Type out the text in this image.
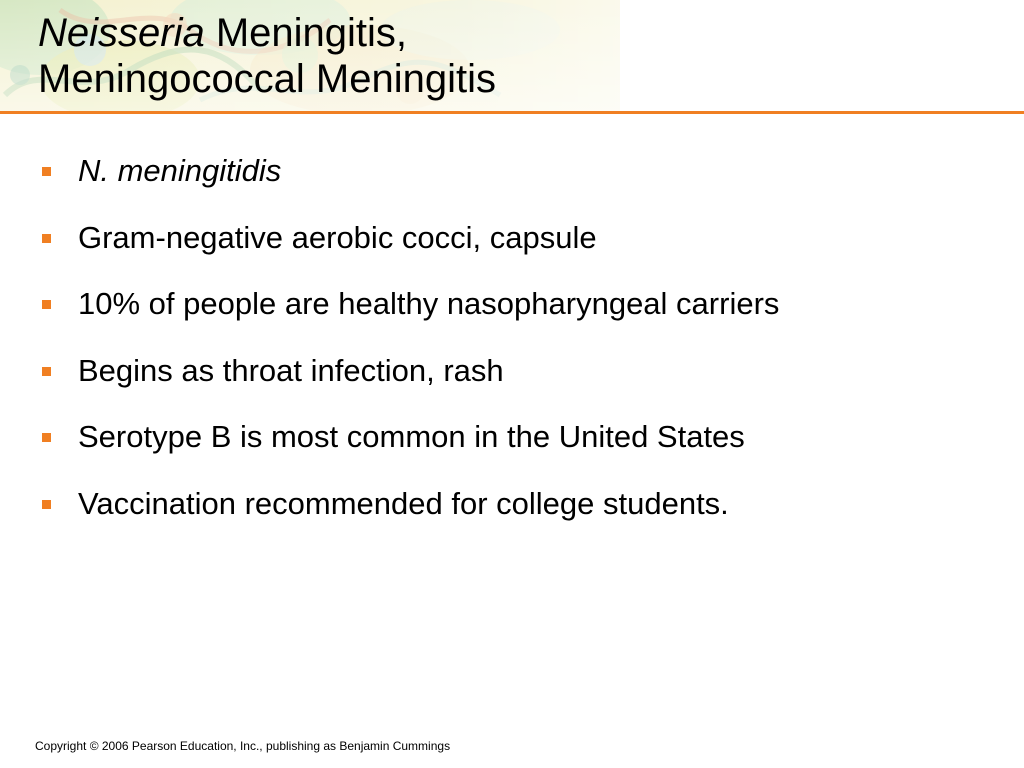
Neisseria Meningitis,
Meningococcal Meningitis
N. meningitidis
Gram-negative aerobic cocci, capsule
10% of people are healthy nasopharyngeal carriers
Begins as throat infection, rash
Serotype B is most common in the United States
Vaccination recommended for college students.
Copyright © 2006 Pearson Education, Inc., publishing as Benjamin Cummings
